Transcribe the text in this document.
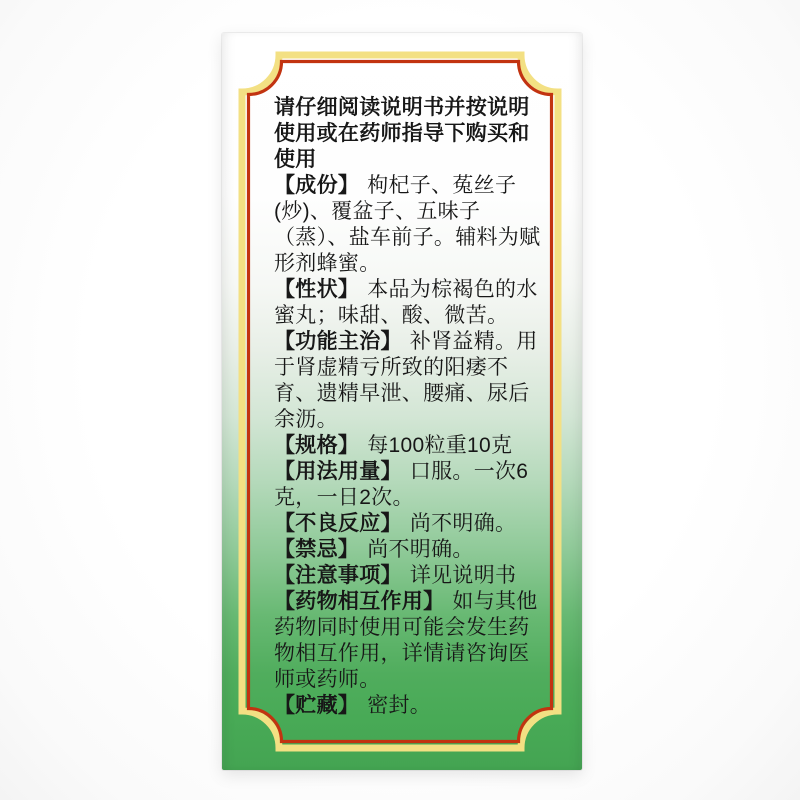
请仔细阅读说明书并按说明使用或在药师指导下购买和使用

【成份】 枸杞子、菟丝子(炒)、覆盆子、五味子（蒸）、盐车前子。辅料为赋形剂蜂蜜。
【性状】 本品为棕褐色的水蜜丸；味甜、酸、微苦。
【功能主治】 补肾益精。用于肾虚精亏所致的阳痿不育、遗精早泄、腰痛、尿后余沥。
【规格】 每100粒重10克
【用法用量】 口服。一次6克，一日2次。
【不良反应】 尚不明确。
【禁忌】 尚不明确。
【注意事项】 详见说明书
【药物相互作用】 如与其他药物同时使用可能会发生药物相互作用，详情请咨询医师或药师。
【贮藏】 密封。
